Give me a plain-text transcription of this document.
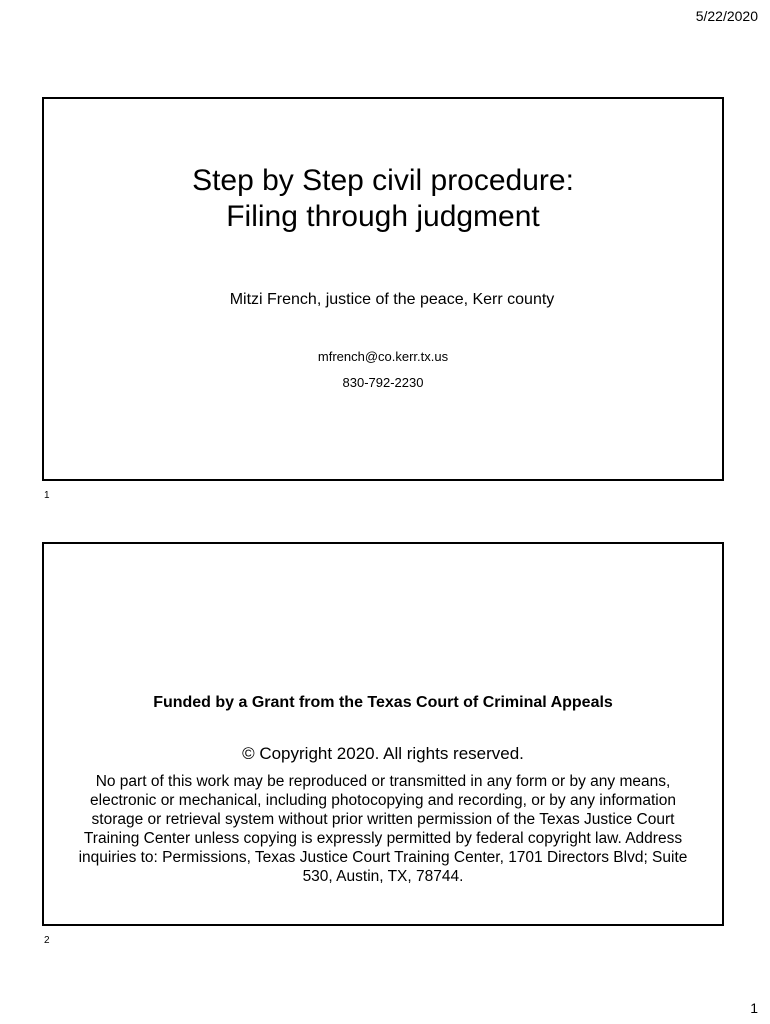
5/22/2020
Step by Step civil procedure:
Filing through judgment
Mitzi French, justice of the peace, Kerr county
mfrench@co.kerr.tx.us
830-792-2230
1
Funded by a Grant from the Texas Court of Criminal Appeals
© Copyright 2020. All rights reserved.
No part of this work may be reproduced or transmitted in any form or by any means, electronic or mechanical, including photocopying and recording, or by any information storage or retrieval system without prior written permission of the Texas Justice Court Training Center unless copying is expressly permitted by federal copyright law. Address inquiries to: Permissions, Texas Justice Court Training Center, 1701 Directors Blvd; Suite 530, Austin, TX, 78744.
2
1
